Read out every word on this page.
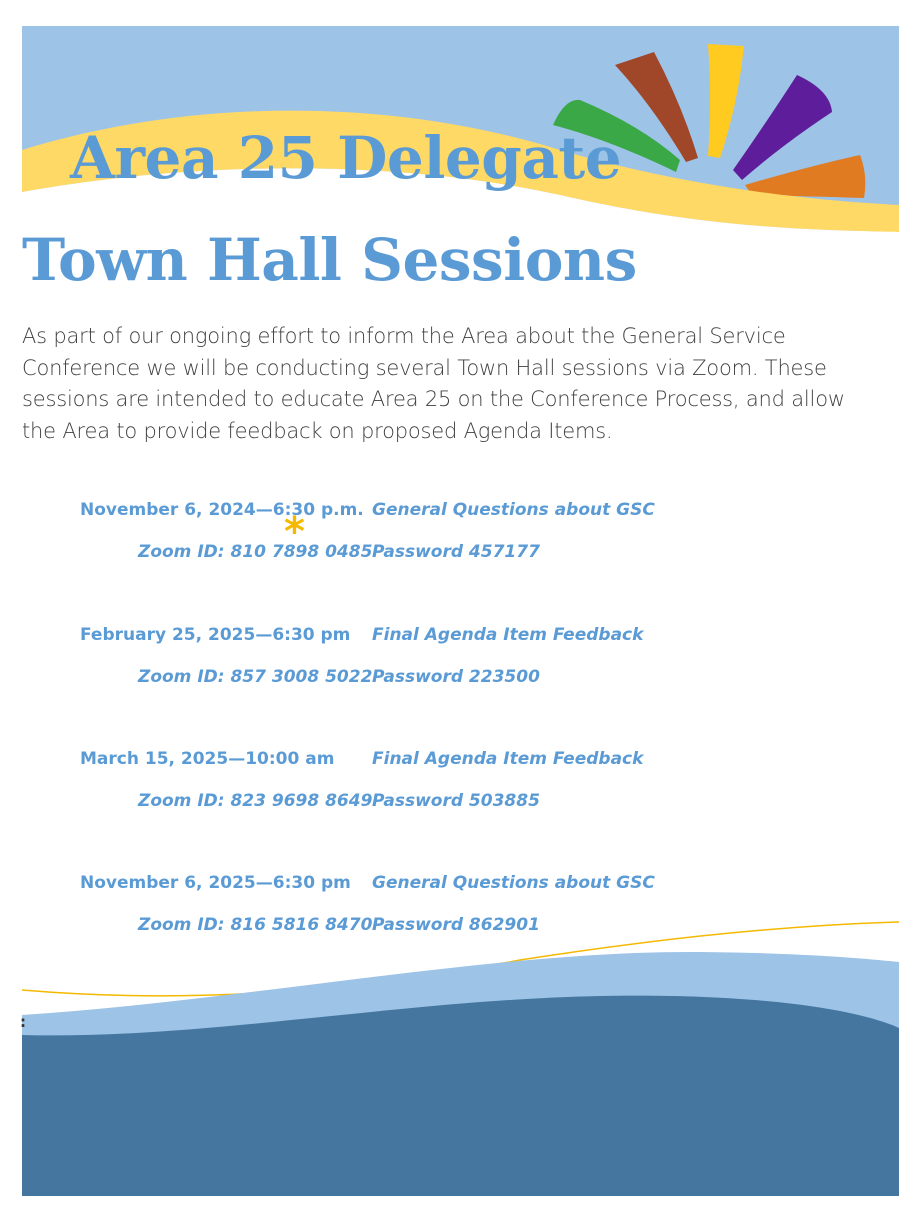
Area 25 Delegate
Town Hall Sessions

As part of our ongoing effort to inform the Area about the General Service Conference we will be conducting several Town Hall sessions via Zoom. These sessions are intended to educate Area 25 on the Conference Process, and allow the Area to provide feedback on proposed Agenda Items.

November 6, 2024—6:30 p.m. General Questions about GSC
Zoom ID: 810 7898 0485 Password 457177
February 25, 2025—6:30 pm Final Agenda Item Feedback
Zoom ID: 857 3008 5022 Password 223500
March 15, 2025—10:00 am Final Agenda Item Feedback
Zoom ID: 823 9698 8649 Password 503885
November 6, 2025—6:30 pm General Questions about GSC
Zoom ID: 816 5816 8470 Password 862901
*
:
